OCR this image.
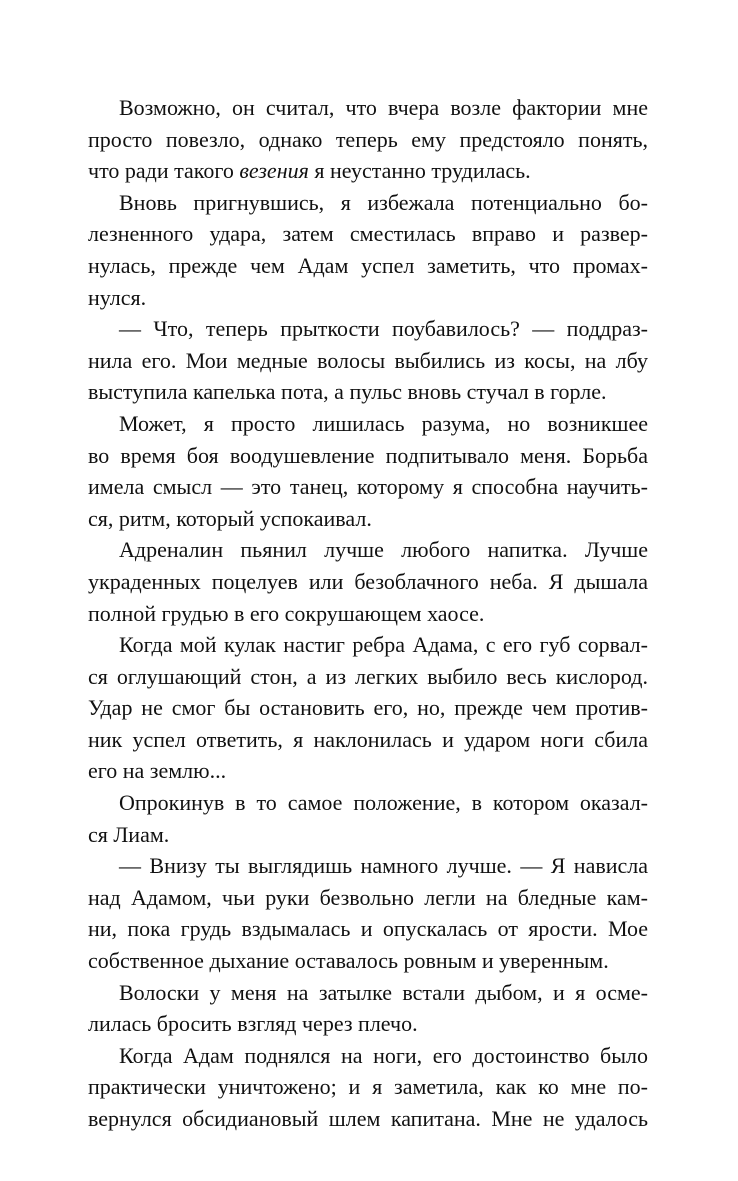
Возможно, он считал, что вчера возле фактории мне
просто повезло, однако теперь ему предстояло понять,
что ради такого везения я неустанно трудилась.
Вновь пригнувшись, я избежала потенциально бо-
лезненного удара, затем сместилась вправо и развер-
нулась, прежде чем Адам успел заметить, что промах-
нулся.
— Что, теперь прыткости поубавилось? — поддраз-
нила его. Мои медные волосы выбились из косы, на лбу
выступила капелька пота, а пульс вновь стучал в горле.
Может, я просто лишилась разума, но возникшее
во время боя воодушевление подпитывало меня. Борьба
имела смысл — это танец, которому я способна научить-
ся, ритм, который успокаивал.
Адреналин пьянил лучше любого напитка. Лучше
украденных поцелуев или безоблачного неба. Я дышала
полной грудью в его сокрушающем хаосе.
Когда мой кулак настиг ребра Адама, с его губ сорвал-
ся оглушающий стон, а из легких выбило весь кислород.
Удар не смог бы остановить его, но, прежде чем против-
ник успел ответить, я наклонилась и ударом ноги сбила
его на землю...
Опрокинув в то самое положение, в котором оказал-
ся Лиам.
— Внизу ты выглядишь намного лучше. — Я нависла
над Адамом, чьи руки безвольно легли на бледные кам-
ни, пока грудь вздымалась и опускалась от ярости. Мое
собственное дыхание оставалось ровным и уверенным.
Волоски у меня на затылке встали дыбом, и я осме-
лилась бросить взгляд через плечо.
Когда Адам поднялся на ноги, его достоинство было
практически уничтожено; и я заметила, как ко мне по-
вернулся обсидиановый шлем капитана. Мне не удалось
